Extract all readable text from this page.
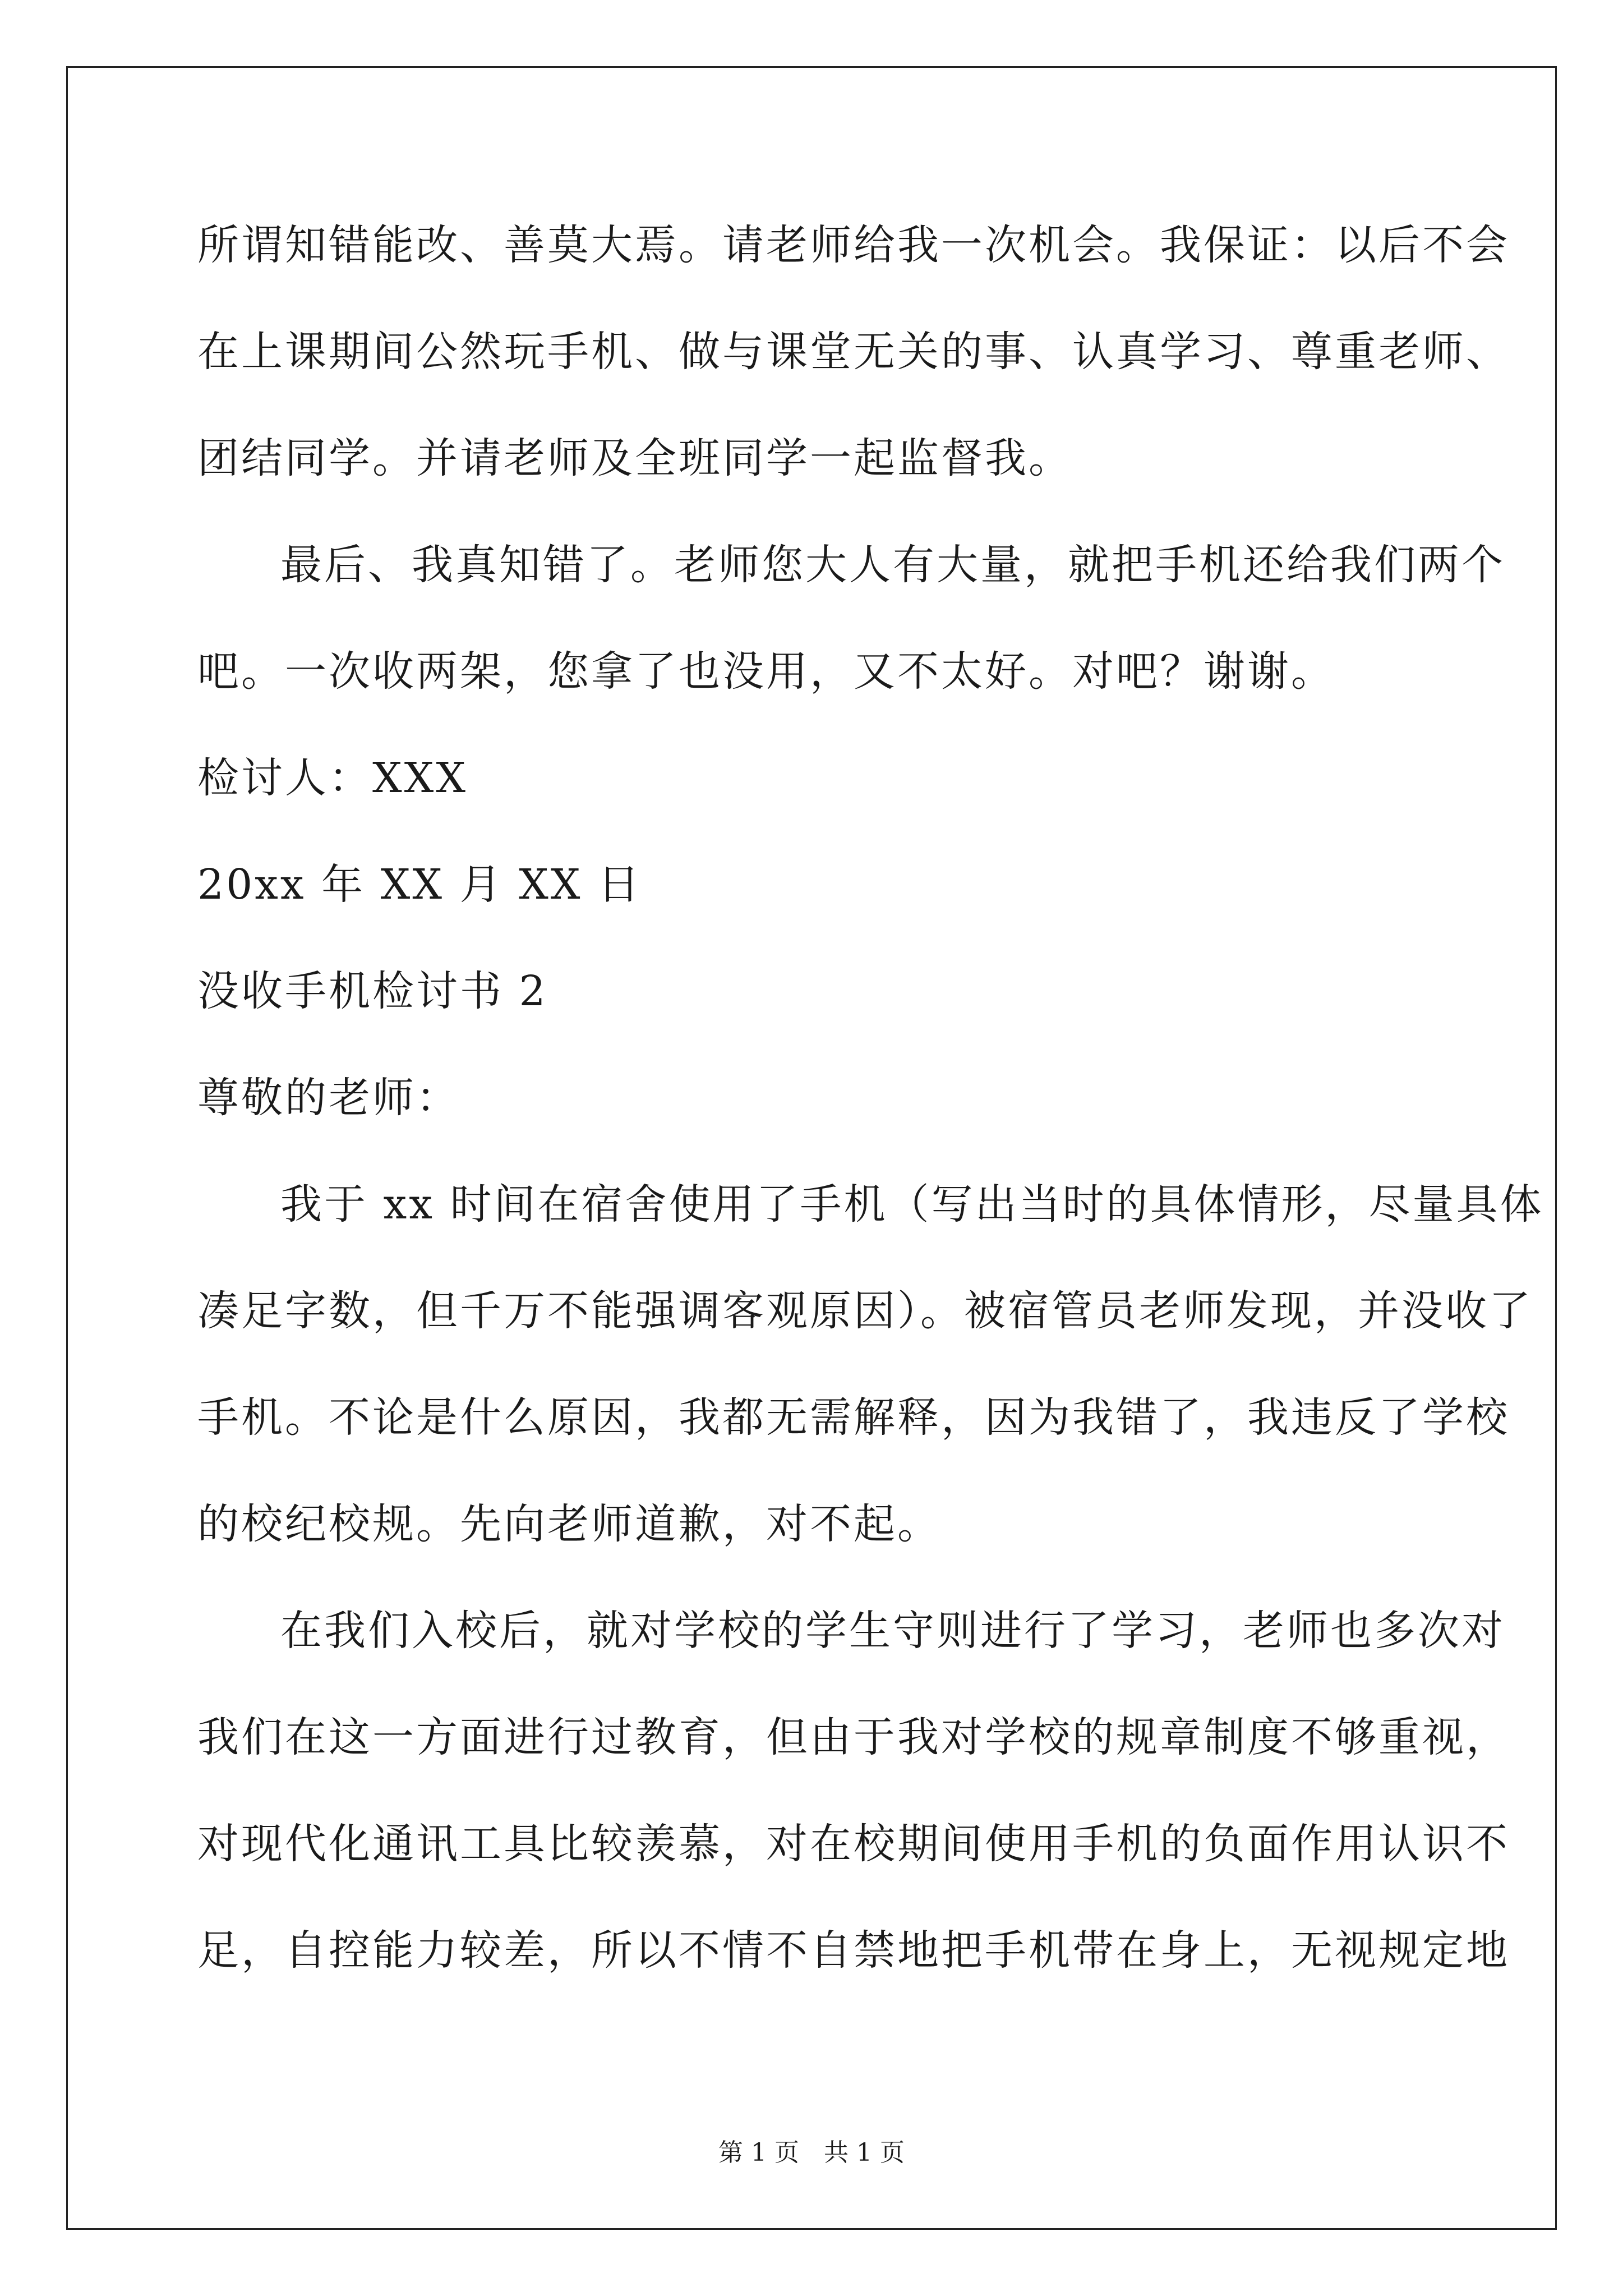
所谓知错能改、善莫大焉。请老师给我一次机会。我保证：以后不会
在上课期间公然玩手机、做与课堂无关的事、认真学习、尊重老师、
团结同学。并请老师及全班同学一起监督我。
最后、我真知错了。老师您大人有大量，就把手机还给我们两个
吧。一次收两架，您拿了也没用，又不太好。对吧？谢谢。
检讨人：XXX
20xx 年 XX 月 XX 日
没收手机检讨书 2
尊敬的老师：
我于 xx 时间在宿舍使用了手机（写出当时的具体情形，尽量具体
凑足字数，但千万不能强调客观原因）。被宿管员老师发现，并没收了
手机。不论是什么原因，我都无需解释，因为我错了，我违反了学校
的校纪校规。先向老师道歉，对不起。
在我们入校后，就对学校的学生守则进行了学习，老师也多次对
我们在这一方面进行过教育，但由于我对学校的规章制度不够重视，
对现代化通讯工具比较羡慕，对在校期间使用手机的负面作用认识不
足，自控能力较差，所以不情不自禁地把手机带在身上，无视规定地
第 1 页　共 1 页
